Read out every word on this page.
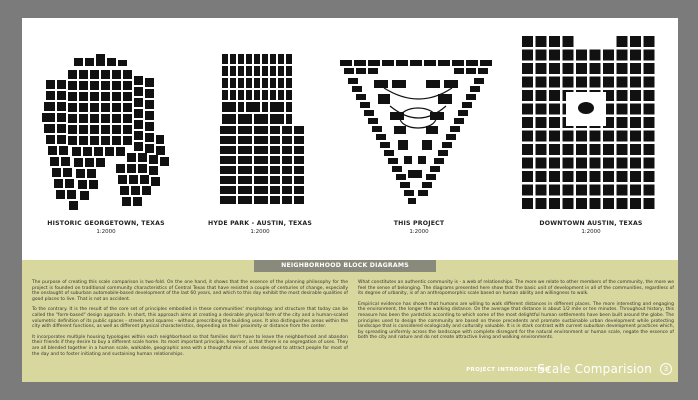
HISTORIC GEORGETOWN, TEXAS
1:2000
HYDE PARK - AUSTIN, TEXAS
1:2000
THIS PROJECT
1:2000
DOWNTOWN AUSTIN, TEXAS
1:2000
NEIGHBORHOOD BLOCK DIAGRAMS

The purpose of creating this scale comparison is two-fold. On the one hand, it shows that the essence of the planning philosophy for the project is founded on traditional community characteristics of Central Texas that have resisted a couple of centuries of change, especially the onslaught of suburban automobile-based development of the last 60 years, and which to this day exhibit the most desirable qualities of good places to live. That is not an accident.

To the contrary. It is the result of the core set of principles embodied in these communities' morphology and structure that today can be called the "form-based" design approach. In short, this approach aims at creating a desirable physical form of the city and a human-scaled volumetric definition of its public spaces - streets and squares - without prescribing the building uses. It also distinguishes areas within the city with different functions, as well as different physical characteristics, depending on their proximity or distance from the center.

It incorporates multiple housing typologies within each neighborhood so that families don't have to leave the neighborhood and abandon their friends if they desire to buy a different scale home. Its most important principle, however, is that there is no segregation of uses. They are all blended together in a human scale, walkable, geographic area with a thoughtful mix of uses designed to attract people for most of the day and to foster initiating and sustaining human relationships.

What constitutes an authentic community is - a web of relationships. The more we relate to other members of the community, the more we feel the sense of belonging. The diagrams presented here show that the basic unit of development in all of the communities, regardless of its degree of urbanity, is of an anthropomorphic scale based on human ability and willingness to walk.

Empirical evidence has shown that humans are willing to walk different distances in different places. The more interesting and engaging the environment, the longer the walking distance. On the average that distance is about 1/2 mile or ten minutes. Throughout history, this measure has been the yardstick according to which some of the most delightful human settlements have been built around the globe. The principles used to design the community are based on these precedents and promote sustainable urban development while protecting landscape that is considered ecologically and culturally valuable. It is in stark contrast with current suburban development practices which, by spreading uniformly across the landscape with complete disregard for the natural environment or human scale, negate the essence of both the city and nature and do not create attractive living and walking environments.

PROJECT INTRODUCTION
Scale Comparision	3
